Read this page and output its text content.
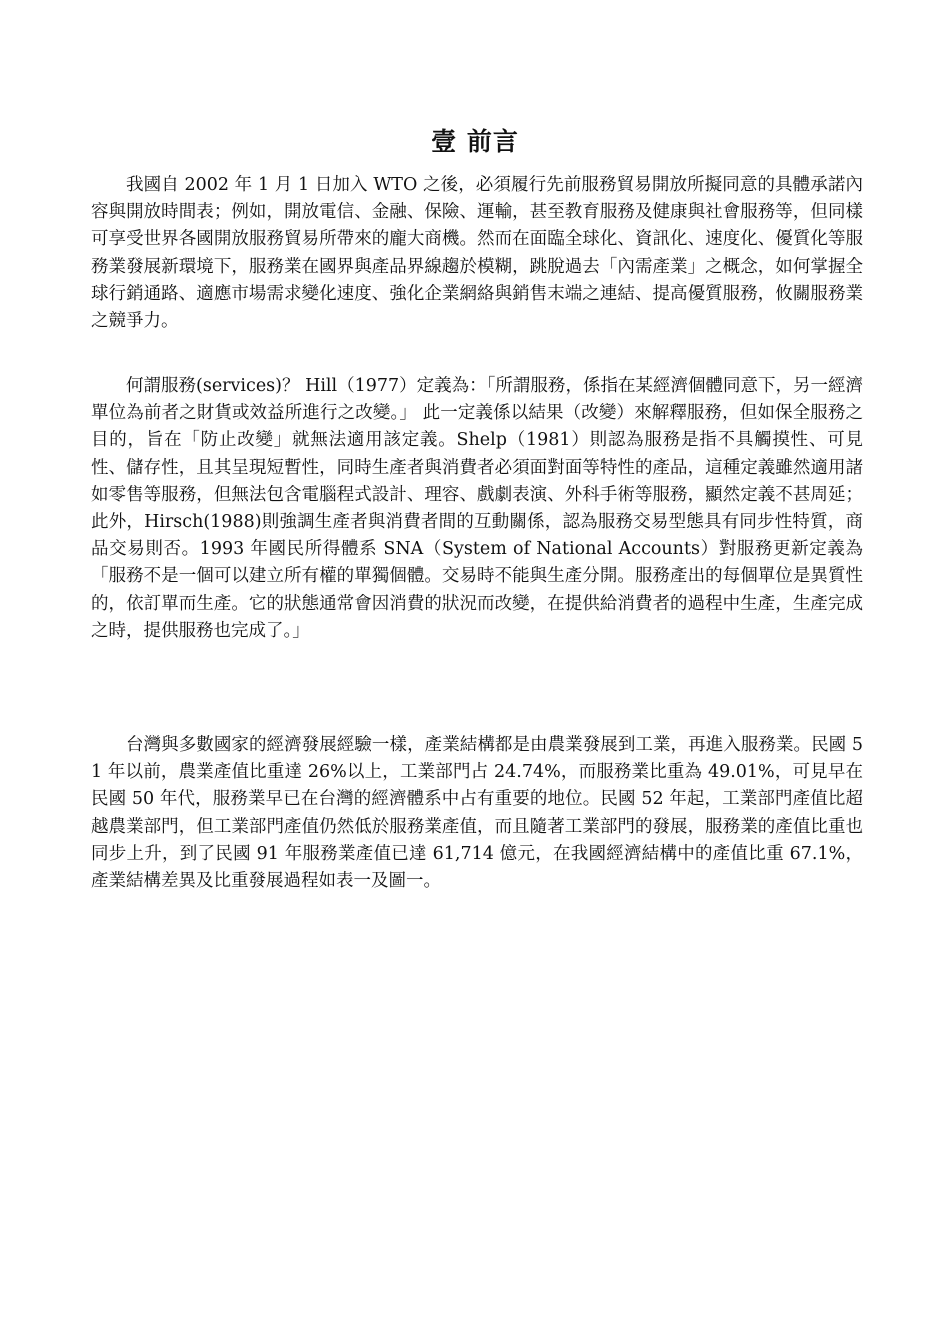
壹 前言

我國自 2002 年 1 月 1 日加入 WTO 之後，必須履行先前服務貿易開放所擬同意的具體承諾內容與開放時間表；例如，開放電信、金融、保險、運輸，甚至教育服務及健康與社會服務等，但同樣可享受世界各國開放服務貿易所帶來的龐大商機。然而在面臨全球化、資訊化、速度化、優質化等服務業發展新環境下，服務業在國界與產品界線趨於模糊，跳脫過去「內需產業」之概念，如何掌握全球行銷通路、適應市場需求變化速度、強化企業網絡與銷售末端之連結、提高優質服務，攸關服務業之競爭力。

何謂服務(services)？ Hill（1977）定義為：「所謂服務，係指在某經濟個體同意下，另一經濟單位為前者之財貨或效益所進行之改變。」 此一定義係以結果（改變）來解釋服務，但如保全服務之目的，旨在「防止改變」就無法適用該定義。Shelp（1981）則認為服務是指不具觸摸性、可見性、儲存性，且其呈現短暫性，同時生產者與消費者必須面對面等特性的產品，這種定義雖然適用諸如零售等服務，但無法包含電腦程式設計、理容、戲劇表演、外科手術等服務，顯然定義不甚周延；此外，Hirsch(1988)則強調生產者與消費者間的互動關係，認為服務交易型態具有同步性特質，商品交易則否。1993 年國民所得體系 SNA（System of National Accounts）對服務更新定義為「服務不是一個可以建立所有權的單獨個體。交易時不能與生產分開。服務產出的每個單位是異質性的，依訂單而生產。它的狀態通常會因消費的狀況而改變，在提供給消費者的過程中生產，生產完成之時，提供服務也完成了。」

台灣與多數國家的經濟發展經驗一樣，產業結構都是由農業發展到工業，再進入服務業。民國 51 年以前，農業產值比重達 26%以上，工業部門占 24.74%，而服務業比重為 49.01%，可見早在民國 50 年代，服務業早已在台灣的經濟體系中占有重要的地位。民國 52 年起，工業部門產值比超越農業部門，但工業部門產值仍然低於服務業產值，而且隨著工業部門的發展，服務業的產值比重也同步上升，到了民國 91 年服務業產值已達 61,714 億元，在我國經濟結構中的產值比重 67.1%，產業結構差異及比重發展過程如表一及圖一。
